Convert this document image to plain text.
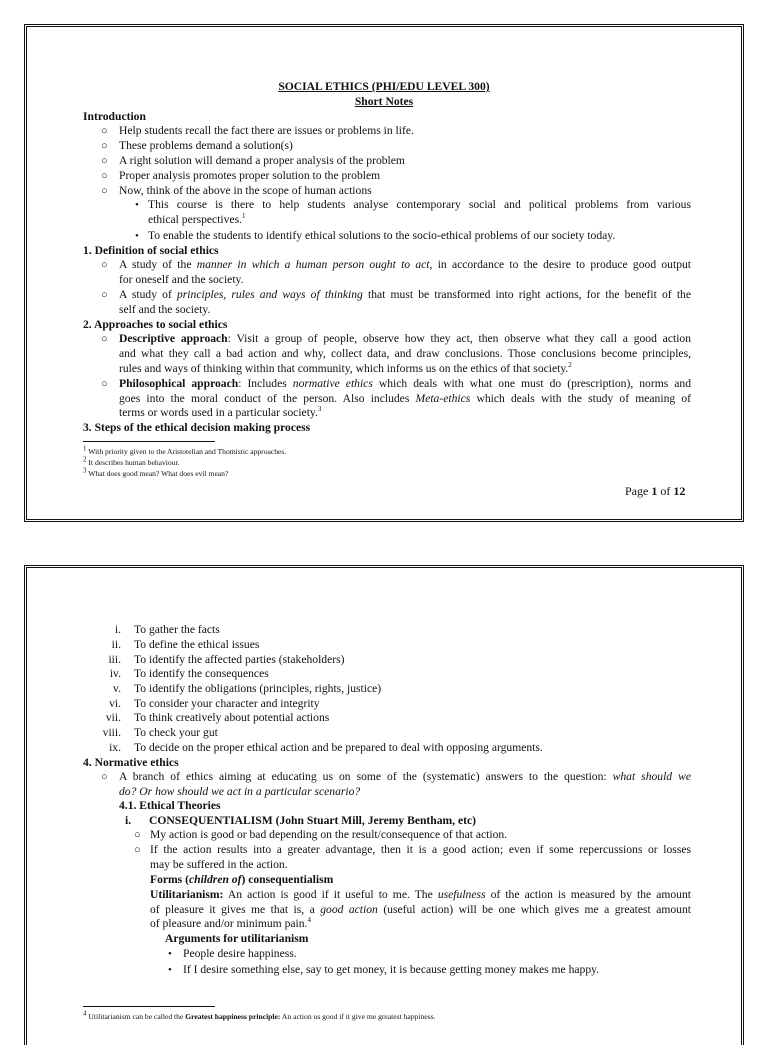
SOCIAL ETHICS (PHI/EDU LEVEL 300)
Short Notes
Introduction
○ Help students recall the fact there are issues or problems in life.
○ These problems demand a solution(s)
○ A right solution will demand a proper analysis of the problem
○ Proper analysis promotes proper solution to the problem
○ Now, think of the above in the scope of human actions
• This course is there to help students analyse contemporary social and political problems from various
ethical perspectives.$^1$
• To enable the students to identify ethical solutions to the socio-ethical problems of our society today.
1. Definition of social ethics
○ A study of the manner in which a human person ought to act, in accordance to the desire to produce good output
for oneself and the society.
○ A study of principles, rules and ways of thinking that must be transformed into right actions, for the benefit of the
self and the society.
2. Approaches to social ethics
○ Descriptive approach: Visit a group of people, observe how they act, then observe what they call a good action
and what they call a bad action and why, collect data, and draw conclusions. Those conclusions become principles,
rules and ways of thinking within that community, which informs us on the ethics of that society.$^2$
○ Philosophical approach: Includes normative ethics which deals with what one must do (prescription), norms and
goes into the moral conduct of the person. Also includes Meta-ethics which deals with the study of meaning of
terms or words used in a particular society.$^3$
3. Steps of the ethical decision making process
$^1$ With priority given to the Aristotelian and Thomistic approaches.
$^2$ It describes human behaviour.
$^3$ What does good mean? What does evil mean?
Page 1 of 12
i. To gather the facts
ii. To define the ethical issues
iii. To identify the affected parties (stakeholders)
iv. To identify the consequences
v. To identify the obligations (principles, rights, justice)
vi. To consider your character and integrity
vii. To think creatively about potential actions
viii. To check your gut
ix. To decide on the proper ethical action and be prepared to deal with opposing arguments.
4. Normative ethics
○ A branch of ethics aiming at educating us on some of the (systematic) answers to the question: what should we
do? Or how should we act in a particular scenario?
4.1. Ethical Theories
i. CONSEQUENTIALISM (John Stuart Mill, Jeremy Bentham, etc)
○ My action is good or bad depending on the result/consequence of that action.
○ If the action results into a greater advantage, then it is a good action; even if some repercussions or losses
may be suffered in the action.
Forms (children of) consequentialism
Utilitarianism: An action is good if it useful to me. The usefulness of the action is measured by the amount
of pleasure it gives me that is, a good action (useful action) will be one which gives me a greatest amount
of pleasure and/or minimum pain.$^4$
Arguments for utilitarianism
• People desire happiness.
• If I desire something else, say to get money, it is because getting money makes me happy.
$^4$ Utilitarianism can be called the Greatest happiness principle: An action us good if it give me greatest happiness.
